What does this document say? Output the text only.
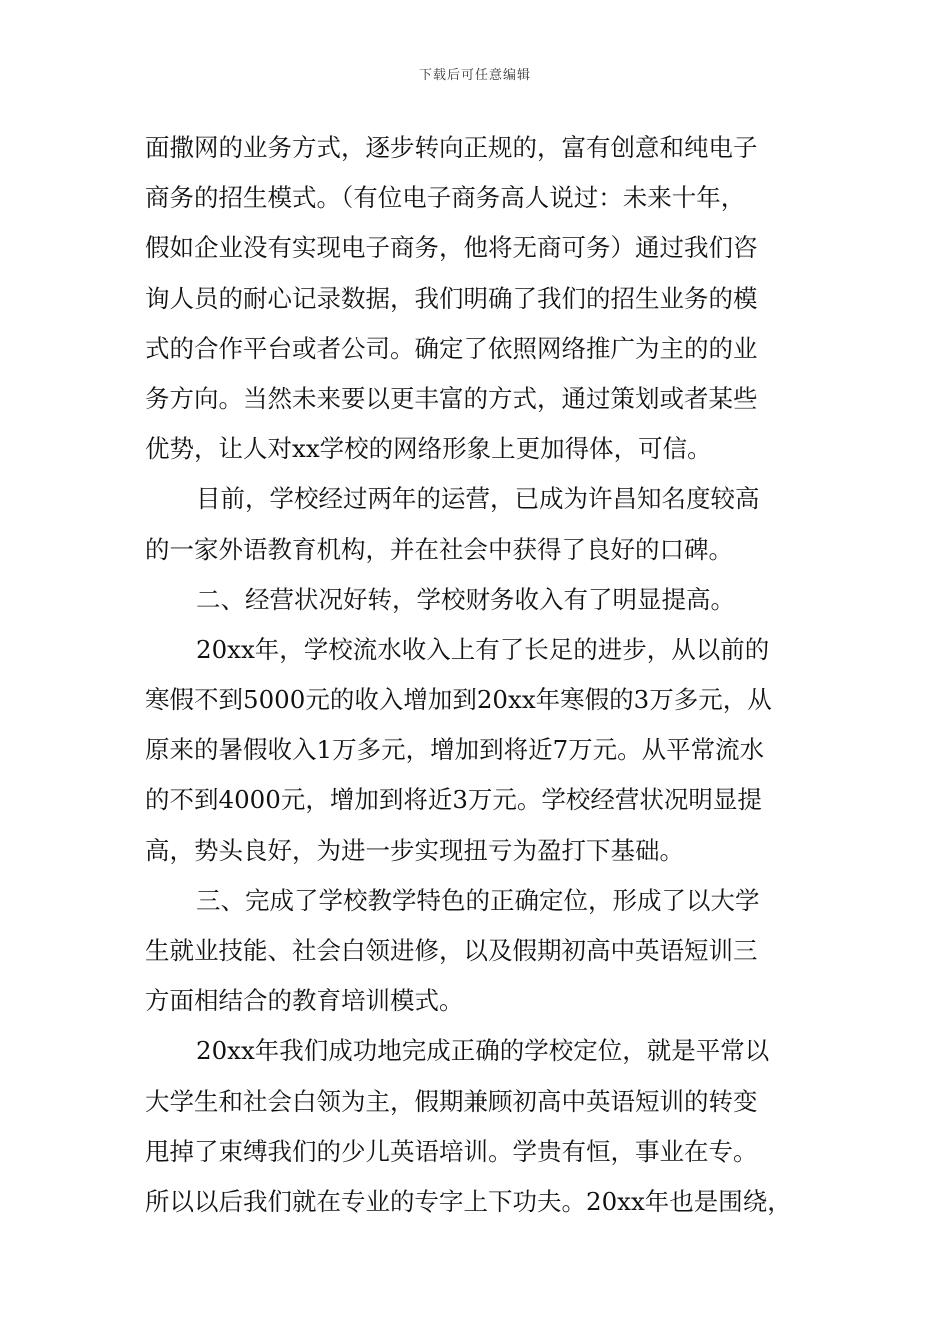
下载后可任意编辑
面撒网的业务方式，逐步转向正规的，富有创意和纯电子
商务的招生模式。（有位电子商务高人说过：未来十年，
假如企业没有实现电子商务，他将无商可务）通过我们咨
询人员的耐心记录数据，我们明确了我们的招生业务的模
式的合作平台或者公司。确定了依照网络推广为主的的业
务方向。当然未来要以更丰富的方式，通过策划或者某些
优势，让人对xx学校的网络形象上更加得体，可信。
目前，学校经过两年的运营，已成为许昌知名度较高
的一家外语教育机构，并在社会中获得了良好的口碑。
二、经营状况好转，学校财务收入有了明显提高。
20xx年，学校流水收入上有了长足的进步，从以前的
寒假不到5000元的收入增加到20xx年寒假的3万多元，从
原来的暑假收入1万多元，增加到将近7万元。从平常流水
的不到4000元，增加到将近3万元。学校经营状况明显提
高，势头良好，为进一步实现扭亏为盈打下基础。
三、完成了学校教学特色的正确定位，形成了以大学
生就业技能、社会白领进修，以及假期初高中英语短训三
方面相结合的教育培训模式。
20xx年我们成功地完成正确的学校定位，就是平常以
大学生和社会白领为主，假期兼顾初高中英语短训的转变
甩掉了束缚我们的少儿英语培训。学贵有恒，事业在专。
所以以后我们就在专业的专字上下功夫。20xx年也是围绕，
